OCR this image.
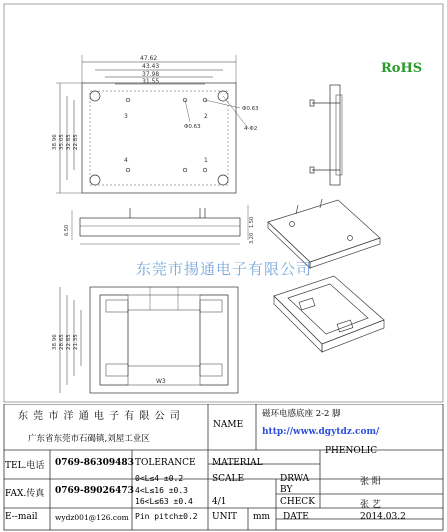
47.62
43.43
37.98
31.55
Φ0.63
4-Φ2
Φ0.63
3	2
4	1
38.96 35.05 32.85 22.85
6.50
1.50
3.20
38.96 28.65 22.85 21.35
W3
RoHS
东莞市揚通电子有限公司
东 莞 市 洋 通 电 子 有 限 公 司
广东省东莞市石碣镇,刘屋工业区
NAME
磁环电感底座 2-2 脚
http://www.dgytdz.com/
TEL.电话 0769-86309483
FAX.传真 0769-89026473
E--mail wydz001@126.com
TOLERANCE
0<L≤4 ±0.2
4<L≤16 ±0.3
16<L≤63 ±0.4
Pin pitch±0.2
PHENOLIC
MATERIAL
SCALE
4/1
DRWA
BY
张 阳
CHECK	张 艺
UNIT mm DATE	2014.03.2
